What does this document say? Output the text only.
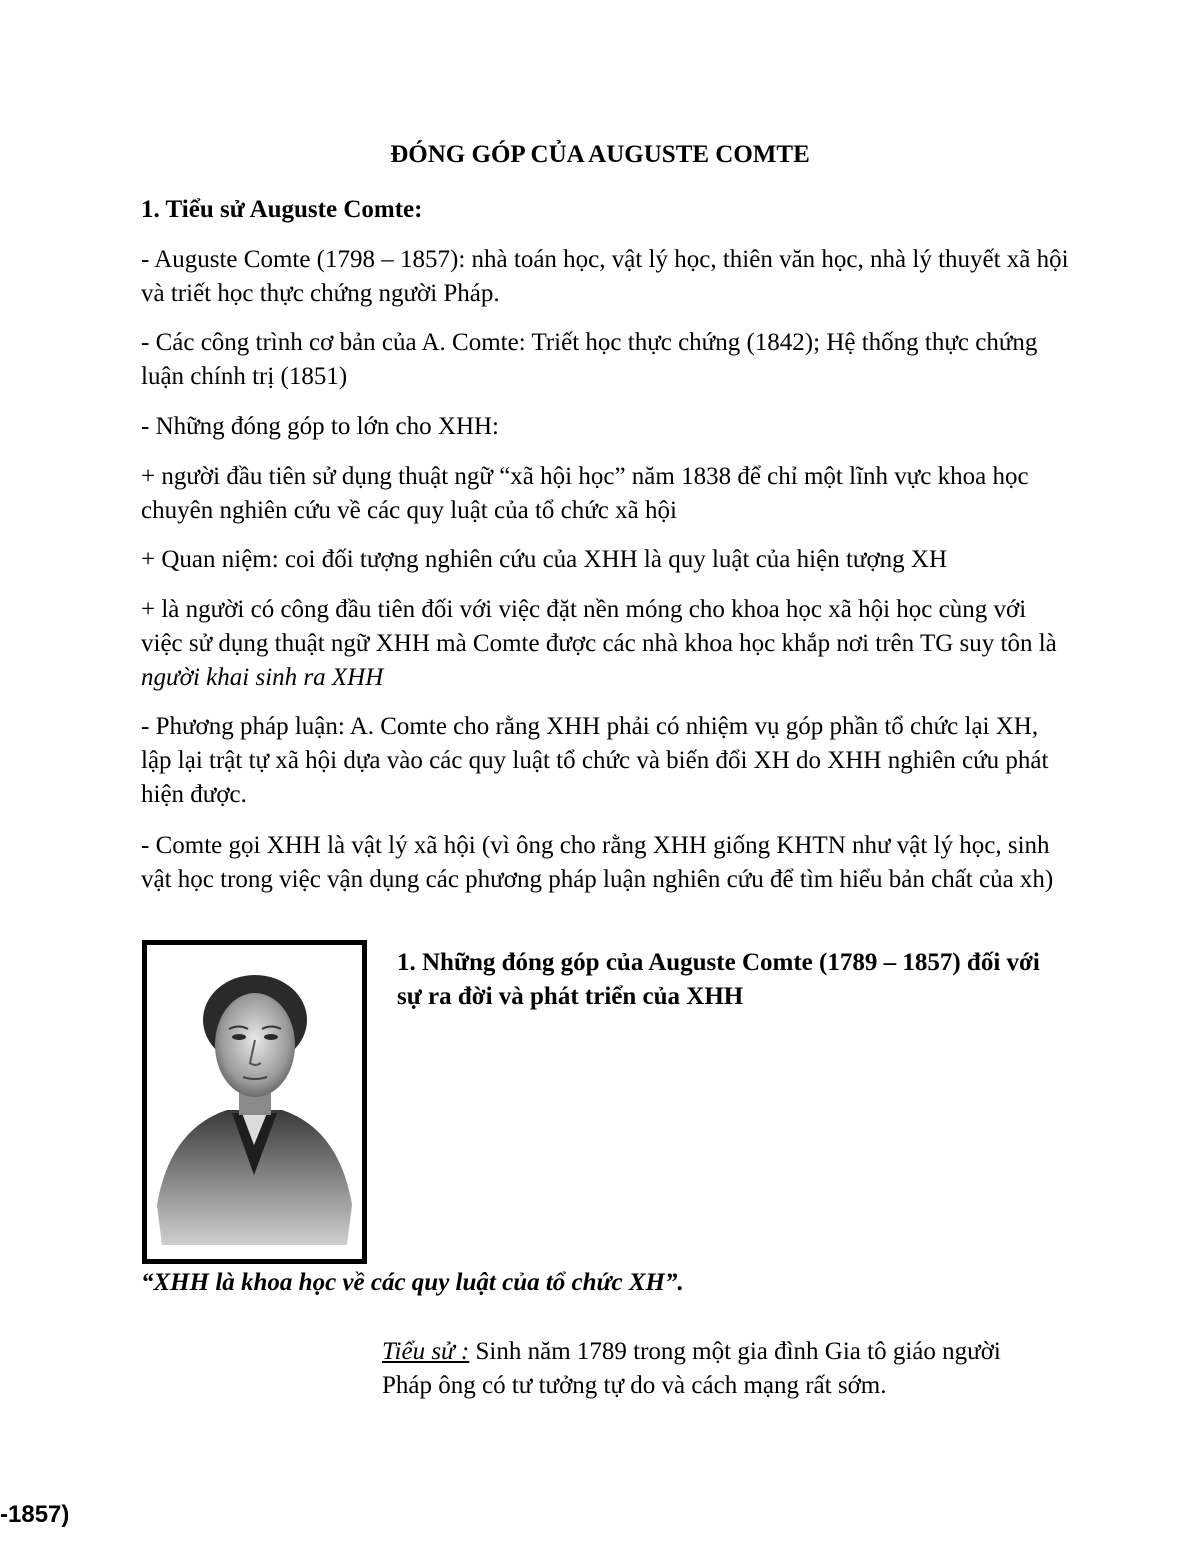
ĐÓNG GÓP CỦA AUGUSTE COMTE

1. Tiểu sử Auguste Comte:

- Auguste Comte (1798 – 1857): nhà toán học, vật lý học, thiên văn học, nhà lý thuyết xã hội và triết học thực chứng người Pháp.

- Các công trình cơ bản của A. Comte: Triết học thực chứng (1842); Hệ thống thực chứng luận chính trị (1851)

- Những đóng góp to lớn cho XHH:

+ người đầu tiên sử dụng thuật ngữ “xã hội học” năm 1838 để chỉ một lĩnh vực khoa học chuyên nghiên cứu về các quy luật của tổ chức xã hội

+ Quan niệm: coi đối tượng nghiên cứu của XHH là quy luật của hiện tượng XH

+ là người có công đầu tiên đối với việc đặt nền móng cho khoa học xã hội học cùng với việc sử dụng thuật ngữ XHH mà Comte được các nhà khoa học khắp nơi trên TG suy tôn là người khai sinh ra XHH

- Phương pháp luận: A. Comte cho rằng XHH phải có nhiệm vụ góp phần tổ chức lại XH, lập lại trật tự xã hội dựa vào các quy luật tổ chức và biến đổi XH do XHH nghiên cứu phát hiện được.

- Comte gọi XHH là vật lý xã hội (vì ông cho rằng XHH giống KHTN như vật lý học, sinh vật học trong việc vận dụng các phương pháp luận nghiên cứu để tìm hiểu bản chất của xh)

1. Những đóng góp của Auguste Comte (1789 – 1857) đối với sự ra đời và phát triển của XHH
“XHH là khoa học về các quy luật của tổ chức XH”.
Tiểu sử : Sinh năm 1789 trong một gia đình Gia tô giáo người Pháp ông có tư tưởng tự do và cách mạng rất sớm.
-1857)
